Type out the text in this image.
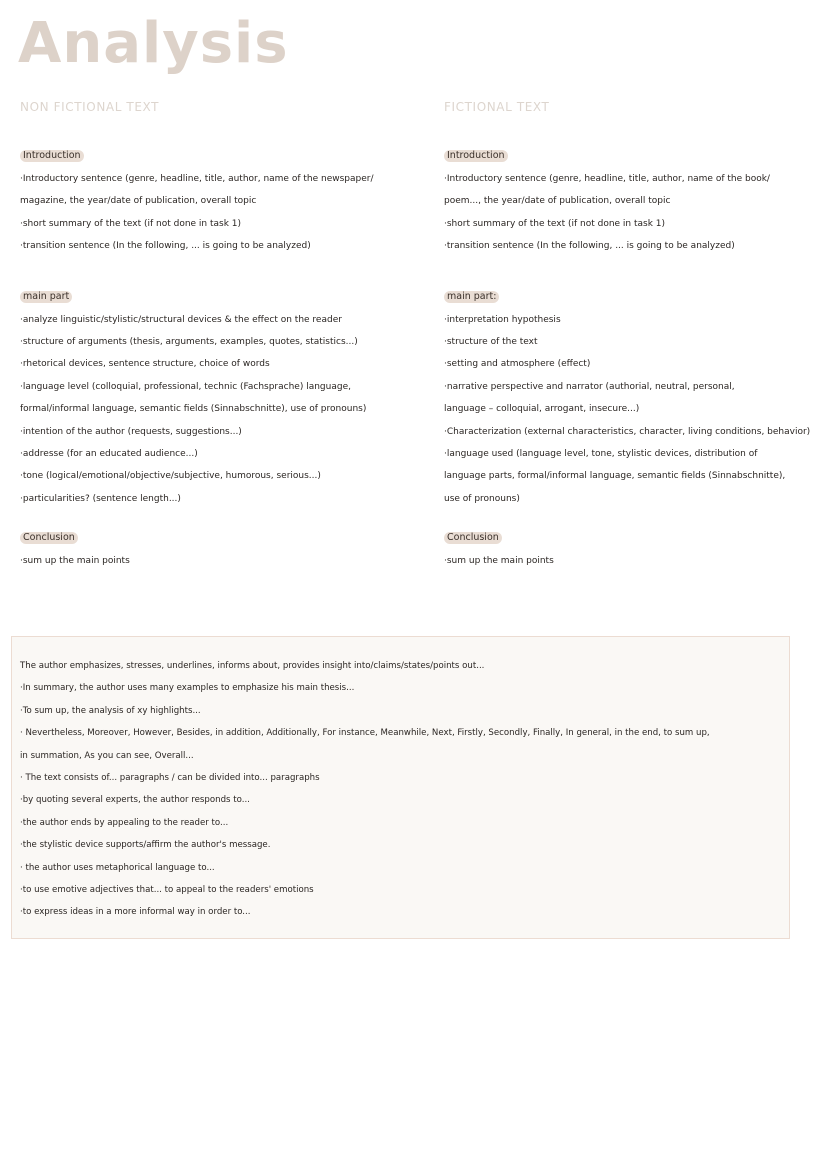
Analysis
NON FICTIONAL TEXT
Introduction
·Introductory sentence (genre, headline, title, author, name of the newspaper/
magazine, the year/date of publication, overall topic
·short summary of the text (if not done in task 1)
·transition sentence (In the following, ... is going to be analyzed)
main part
·analyze linguistic/stylistic/structural devices & the effect on the reader
·structure of arguments (thesis, arguments, examples, quotes, statistics...)
·rhetorical devices, sentence structure, choice of words
·language level (colloquial, professional, technic (Fachsprache) language,
formal/informal language, semantic fields (Sinnabschnitte), use of pronouns)
·intention of the author (requests, suggestions...)
·addresse (for an educated audience...)
·tone (logical/emotional/objective/subjective, humorous, serious...)
·particularities? (sentence length...)
Conclusion
·sum up the main points
FICTIONAL TEXT
Introduction
·Introductory sentence (genre, headline, title, author, name of the book/
poem..., the year/date of publication, overall topic
·short summary of the text (if not done in task 1)
·transition sentence (In the following, ... is going to be analyzed)
main part:
·interpretation hypothesis
·structure of the text
·setting and atmosphere (effect)
·narrative perspective and narrator (authorial, neutral, personal,
language – colloquial, arrogant, insecure...)
·Characterization (external characteristics, character, living conditions, behavior)
·language used (language level, tone, stylistic devices, distribution of
language parts, formal/informal language, semantic fields (Sinnabschnitte),
use of pronouns)
Conclusion
·sum up the main points
The author emphasizes, stresses, underlines, informs about, provides insight into/claims/states/points out...
·In summary, the author uses many examples to emphasize his main thesis...
·To sum up, the analysis of xy highlights...
· Nevertheless, Moreover, However, Besides, in addition, Additionally, For instance, Meanwhile, Next, Firstly, Secondly, Finally, In general, in the end, to sum up,
in summation, As you can see, Overall...
· The text consists of... paragraphs / can be divided into... paragraphs
·by quoting several experts, the author responds to...
·the author ends by appealing to the reader to...
·the stylistic device supports/affirm the author's message.
· the author uses metaphorical language to...
·to use emotive adjectives that... to appeal to the readers' emotions
·to express ideas in a more informal way in order to...
